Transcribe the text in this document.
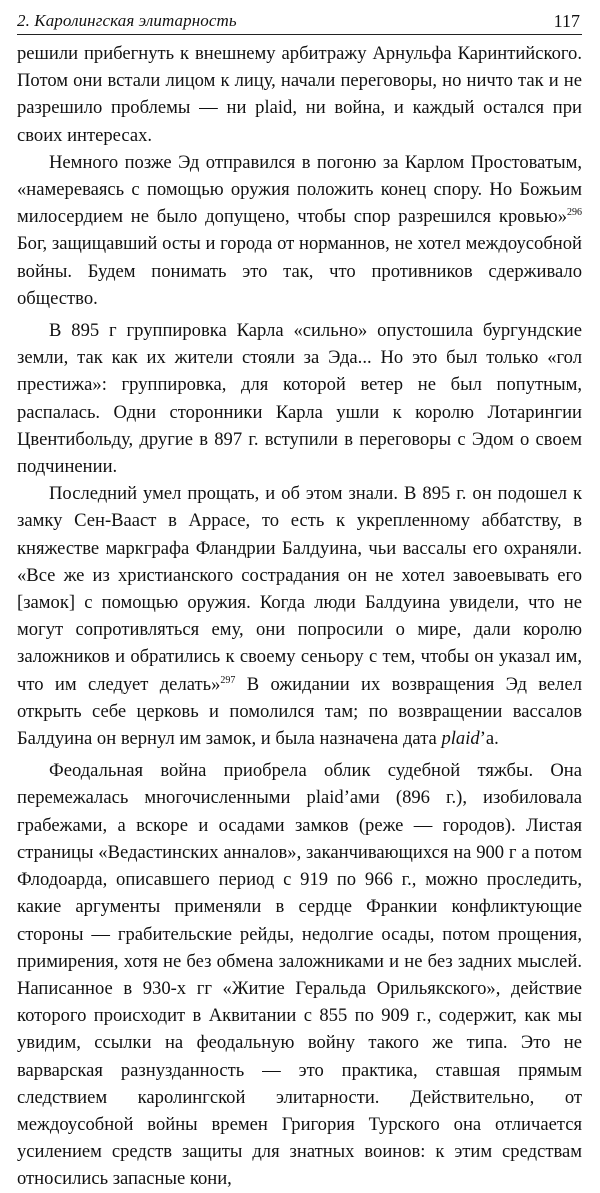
2. Каролингская элитарность	117

решили прибегнуть к внешнему арбитражу Арнульфа Каринтийского. Потом они встали лицом к лицу, начали переговоры, но ничто так и не разрешило проблемы — ни plaid, ни война, и каждый остался при своих интересах.

Немного позже Эд отправился в погоню за Карлом Простоватым, «намереваясь с помощью оружия положить конец спору. Но Божьим милосердием не было допущено, чтобы спор разрешился кровью»$^{296}$ Бог, защищавший осты и города от норманнов, не хотел междоусобной войны. Будем понимать это так, что противников сдерживало общество.

В 895 г группировка Карла «сильно» опустошила бургундские земли, так как их жители стояли за Эда... Но это был только «гол престижа»: группировка, для которой ветер не был попутным, распалась. Одни сторонники Карла ушли к королю Лотарингии Цвентибольду, другие в 897 г. вступили в переговоры с Эдом о своем подчинении.

Последний умел прощать, и об этом знали. В 895 г. он подошел к замку Сен-Вааст в Аррасе, то есть к укрепленному аббатству, в княжестве маркграфа Фландрии Балдуина, чьи вассалы его охраняли. «Все же из христианского сострадания он не хотел завоевывать его [замок] с помощью оружия. Когда люди Балдуина увидели, что не могут сопротивляться ему, они попросили о мире, дали королю заложников и обратились к своему сеньору с тем, чтобы он указал им, что им следует делать»$^{297}$ В ожидании их возвращения Эд велел открыть себе церковь и помолился там; по возвращении вассалов Балдуина он вернул им замок, и была назначена дата plaid’а.

Феодальная война приобрела облик судебной тяжбы. Она перемежалась многочисленными plaid’ами (896 г.), изобиловала грабежами, а вскоре и осадами замков (реже — городов). Листая страницы «Ведастинских анналов», заканчивающихся на 900 г а потом Флодоарда, описавшего период с 919 по 966 г., можно проследить, какие аргументы применяли в сердце Франкии конфликтующие стороны — грабительские рейды, недолгие осады, потом прощения, примирения, хотя не без обмена заложниками и не без задних мыслей. Написанное в 930-х гг «Житие Геральда Орильякского», действие которого происходит в Аквитании с 855 по 909 г., содержит, как мы увидим, ссылки на феодальную войну такого же типа. Это не варварская разнузданность — это практика, ставшая прямым следствием каролингской элитарности. Действительно, от междоусобной войны времен Григория Турского она отличается усилением средств защиты для знатных воинов: к этим средствам относились запасные кони,
